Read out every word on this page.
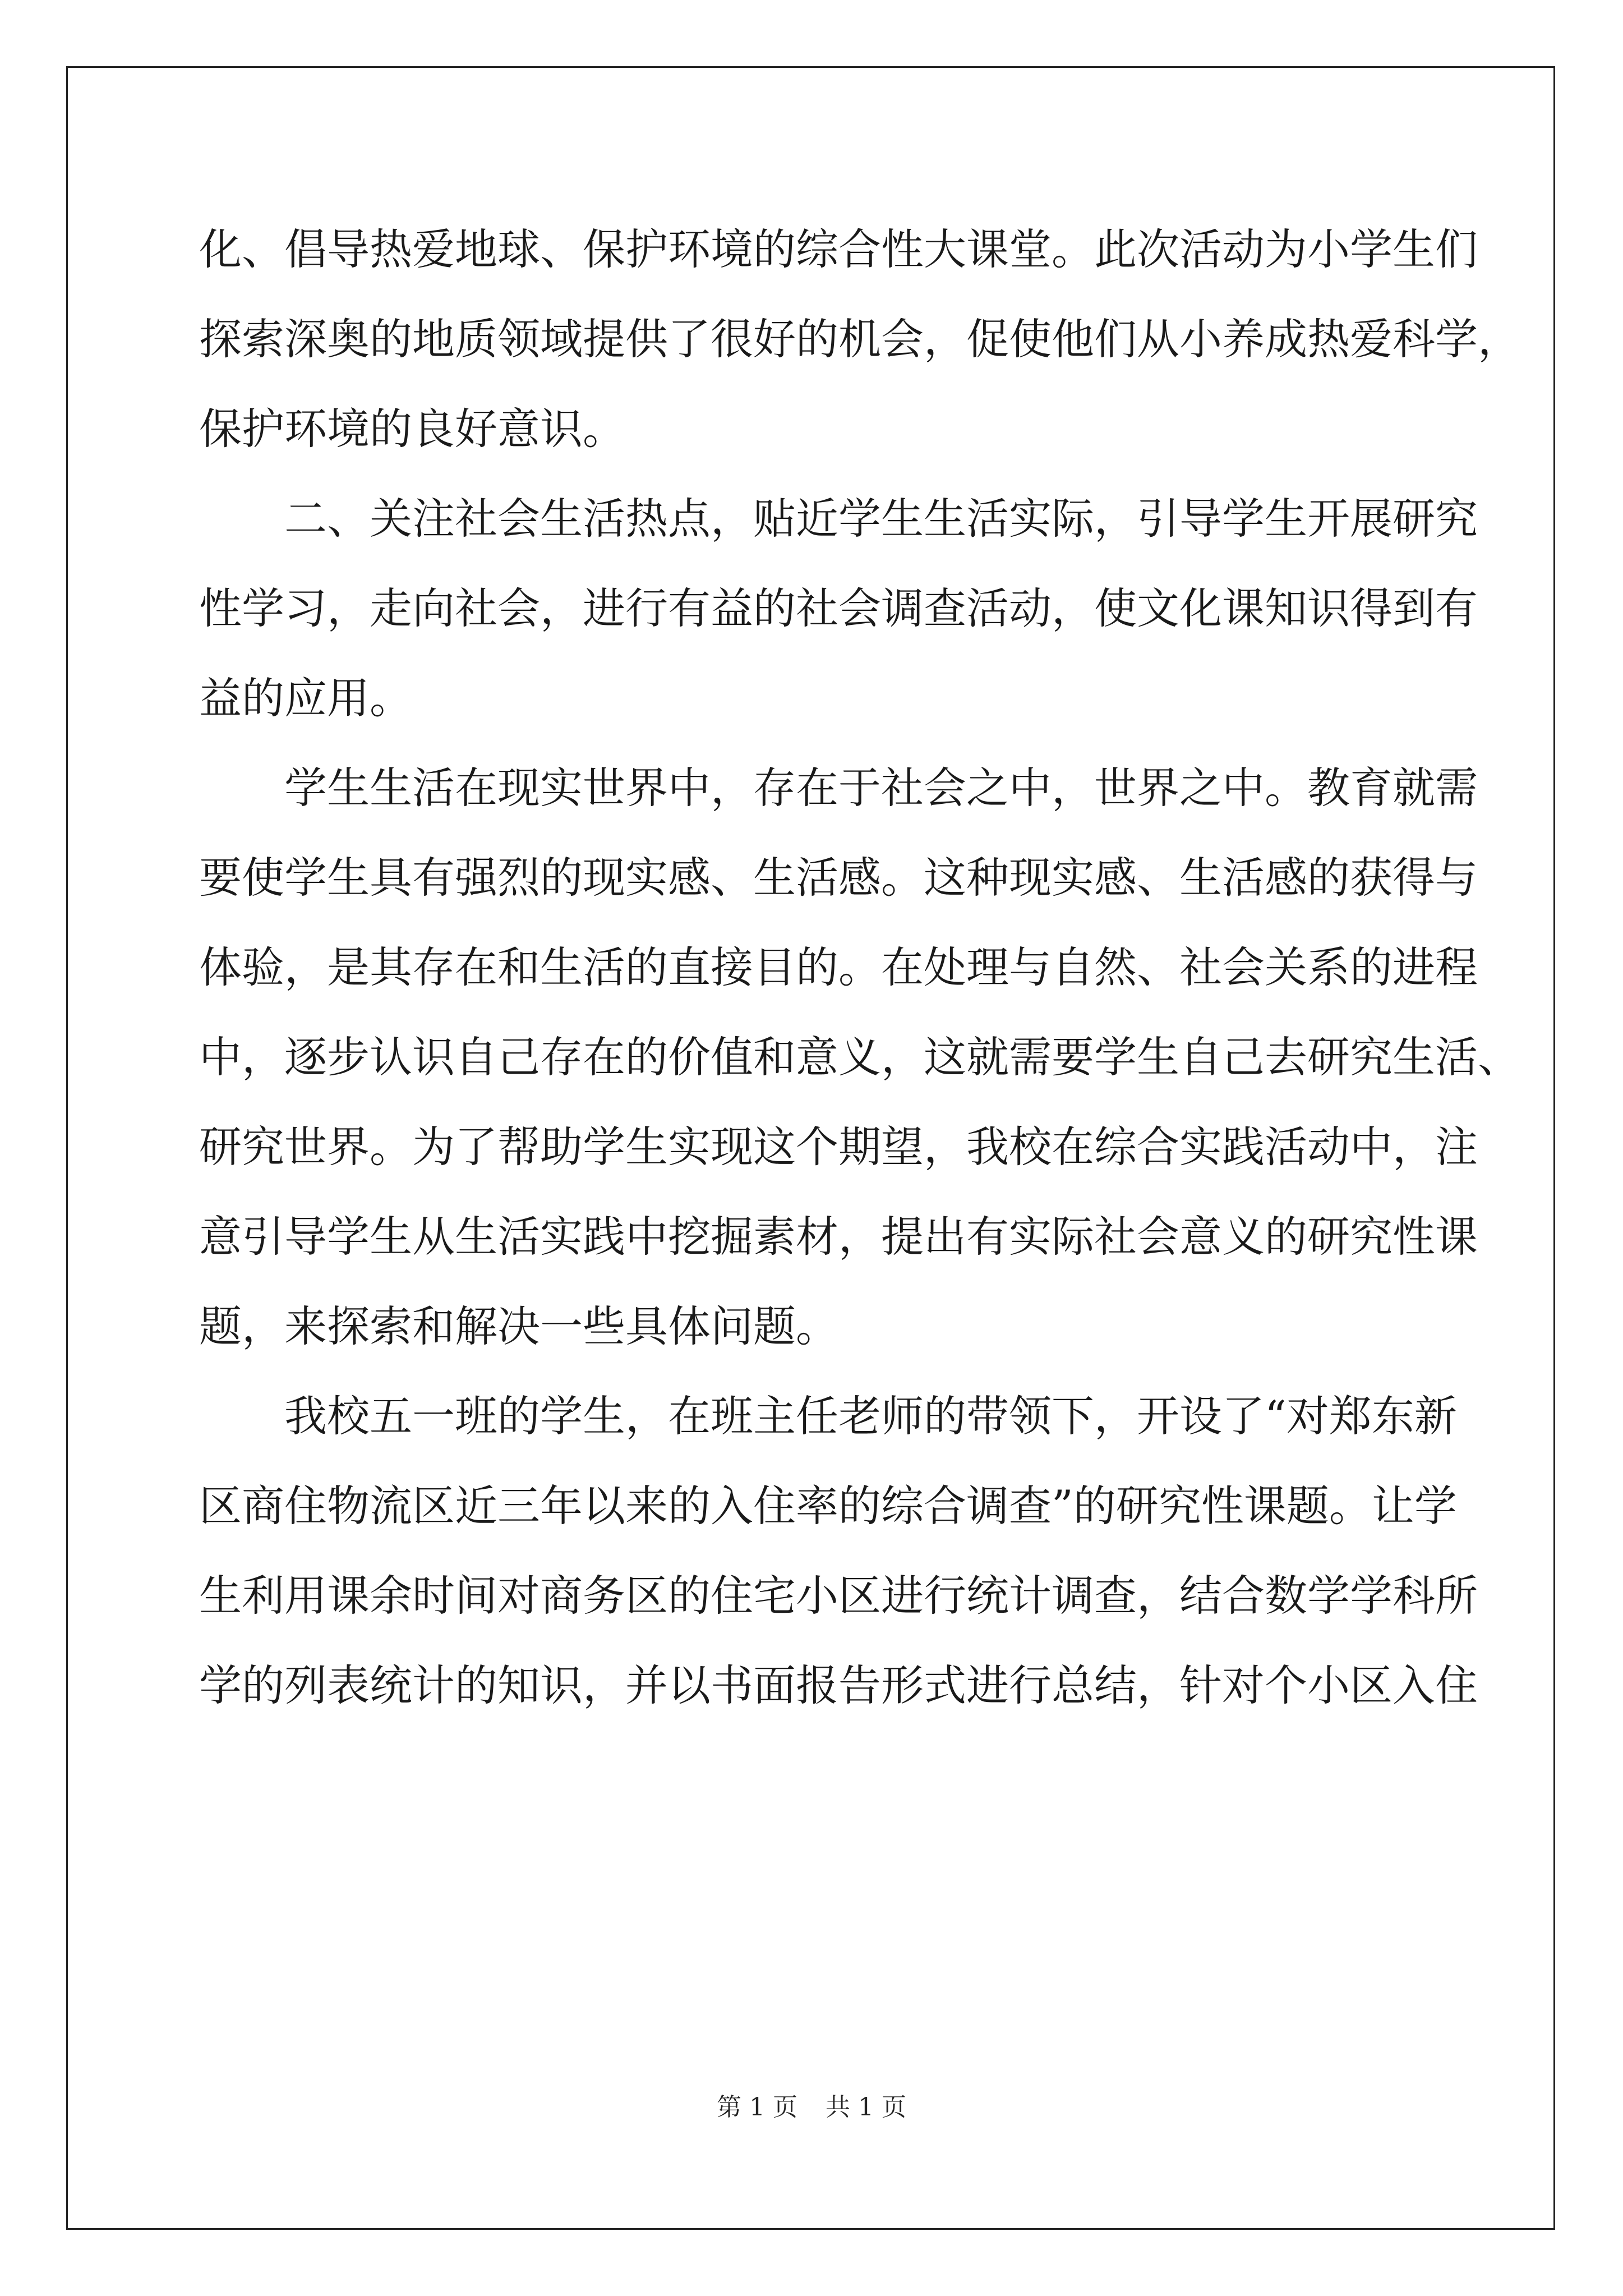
化、倡导热爱地球、保护环境的综合性大课堂。此次活动为小学生们
探索深奥的地质领域提供了很好的机会，促使他们从小养成热爱科学，
保护环境的良好意识。
二、关注社会生活热点，贴近学生生活实际，引导学生开展研究
性学习，走向社会，进行有益的社会调查活动，使文化课知识得到有
益的应用。
学生生活在现实世界中，存在于社会之中，世界之中。教育就需
要使学生具有强烈的现实感、生活感。这种现实感、生活感的获得与
体验，是其存在和生活的直接目的。在处理与自然、社会关系的进程
中，逐步认识自己存在的价值和意义，这就需要学生自己去研究生活、
研究世界。为了帮助学生实现这个期望，我校在综合实践活动中，注
意引导学生从生活实践中挖掘素材，提出有实际社会意义的研究性课
题，来探索和解决一些具体问题。
我校五一班的学生，在班主任老师的带领下，开设了“对郑东新
区商住物流区近三年以来的入住率的综合调查”的研究性课题。让学
生利用课余时间对商务区的住宅小区进行统计调查，结合数学学科所
学的列表统计的知识，并以书面报告形式进行总结，针对个小区入住
第 1 页 共 1 页
